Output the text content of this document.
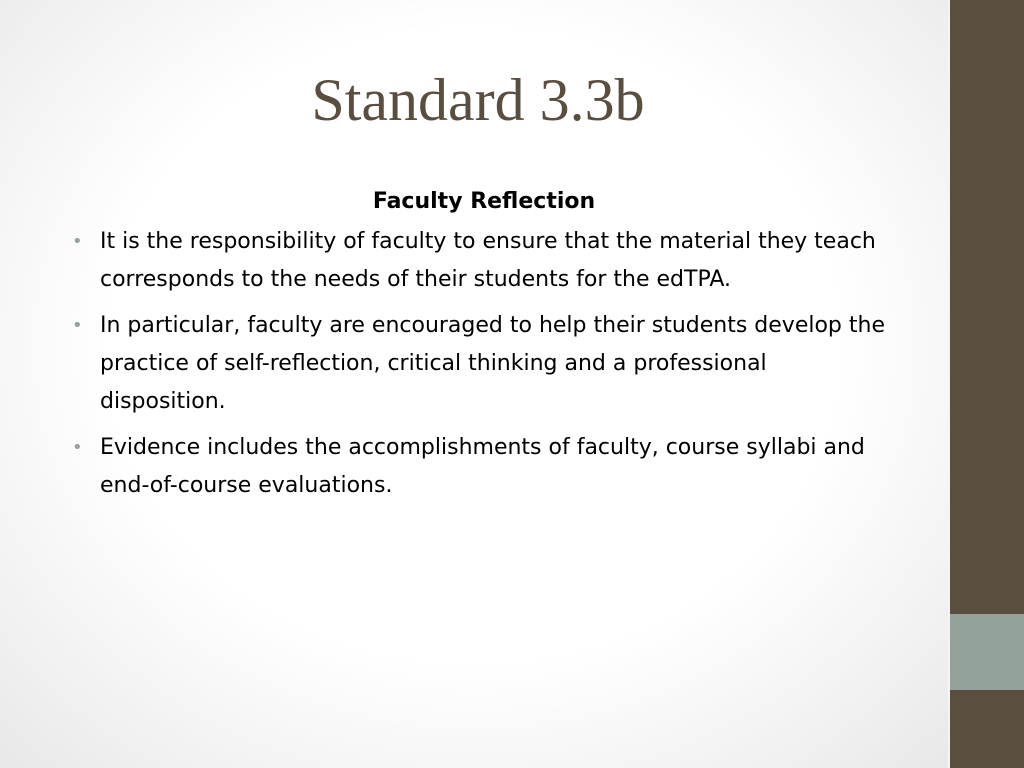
Standard 3.3b
Faculty Reflection
• It is the responsibility of faculty to ensure that the material they teach corresponds to the needs of their students for the edTPA.
• In particular, faculty are encouraged to help their students develop the practice of self-reflection, critical thinking and a professional disposition.
• Evidence includes the accomplishments of faculty, course syllabi and end-of-course evaluations.
